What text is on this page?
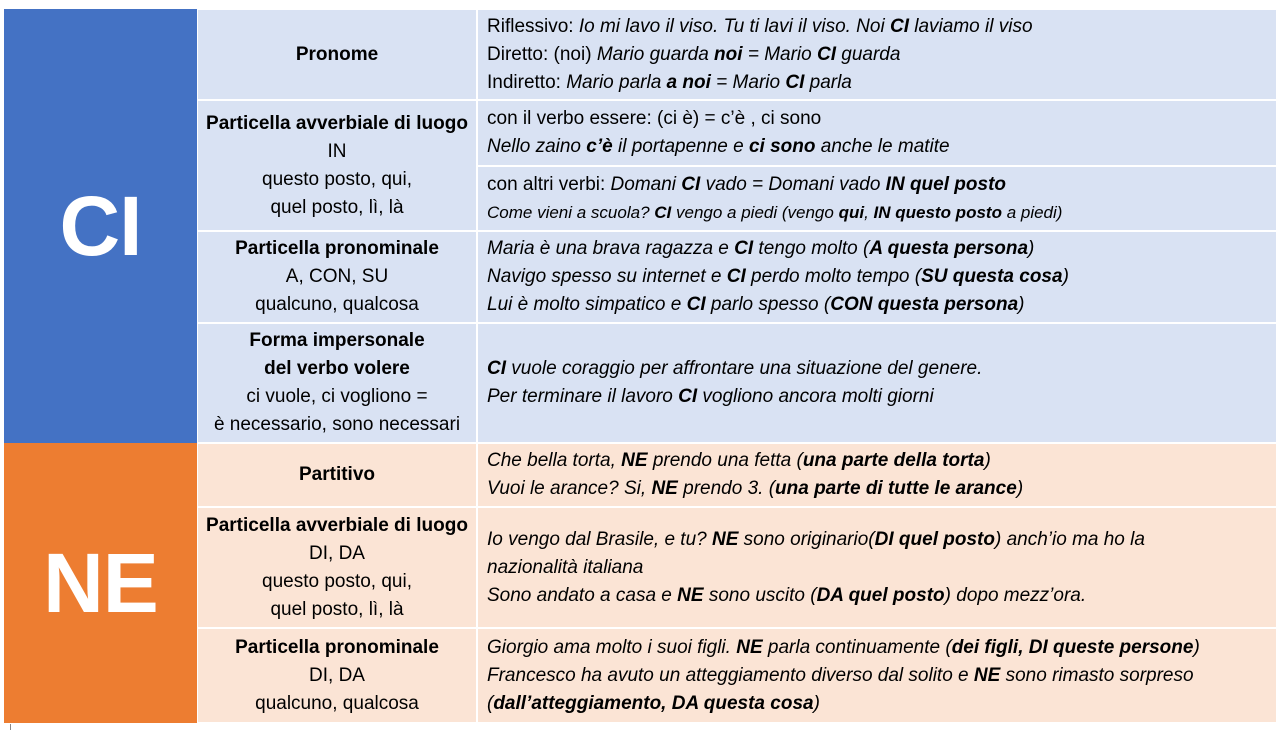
CI
NE
Pronome
Riflessivo: Io mi lavo il viso. Tu ti lavi il viso. Noi CI laviamo il viso
Diretto: (noi) Mario guarda noi = Mario CI guarda
Indiretto: Mario parla a noi = Mario CI parla
Particella avverbiale di luogo
IN
questo posto, qui,
quel posto, lì, là
con il verbo essere: (ci è) = c’è , ci sono
Nello zaino c’è il portapenne e ci sono anche le matite
con altri verbi: Domani CI vado = Domani vado IN quel posto
Come vieni a scuola? CI vengo a piedi (vengo qui, IN questo posto a piedi)
Particella pronominale
A, CON, SU
qualcuno, qualcosa
Maria è una brava ragazza e CI tengo molto (A questa persona)
Navigo spesso su internet e CI perdo molto tempo (SU questa cosa)
Lui è molto simpatico e CI parlo spesso (CON questa persona)
Forma impersonale
del verbo volere
ci vuole, ci vogliono =
è necessario, sono necessari
CI vuole coraggio per affrontare una situazione del genere.
Per terminare il lavoro CI vogliono ancora molti giorni
Partitivo
Che bella torta, NE prendo una fetta (una parte della torta)
Vuoi le arance? Si, NE prendo 3. (una parte di tutte le arance)
Particella avverbiale di luogo
DI, DA
questo posto, qui,
quel posto, lì, là
Io vengo dal Brasile, e tu? NE sono originario(DI quel posto) anch’io ma ho la
nazionalità italiana
Sono andato a casa e NE sono uscito (DA quel posto) dopo mezz’ora.
Particella pronominale
DI, DA
qualcuno, qualcosa
Giorgio ama molto i suoi figli. NE parla continuamente (dei figli, DI queste persone)
Francesco ha avuto un atteggiamento diverso dal solito e NE sono rimasto sorpreso
(dall’atteggiamento, DA questa cosa)
